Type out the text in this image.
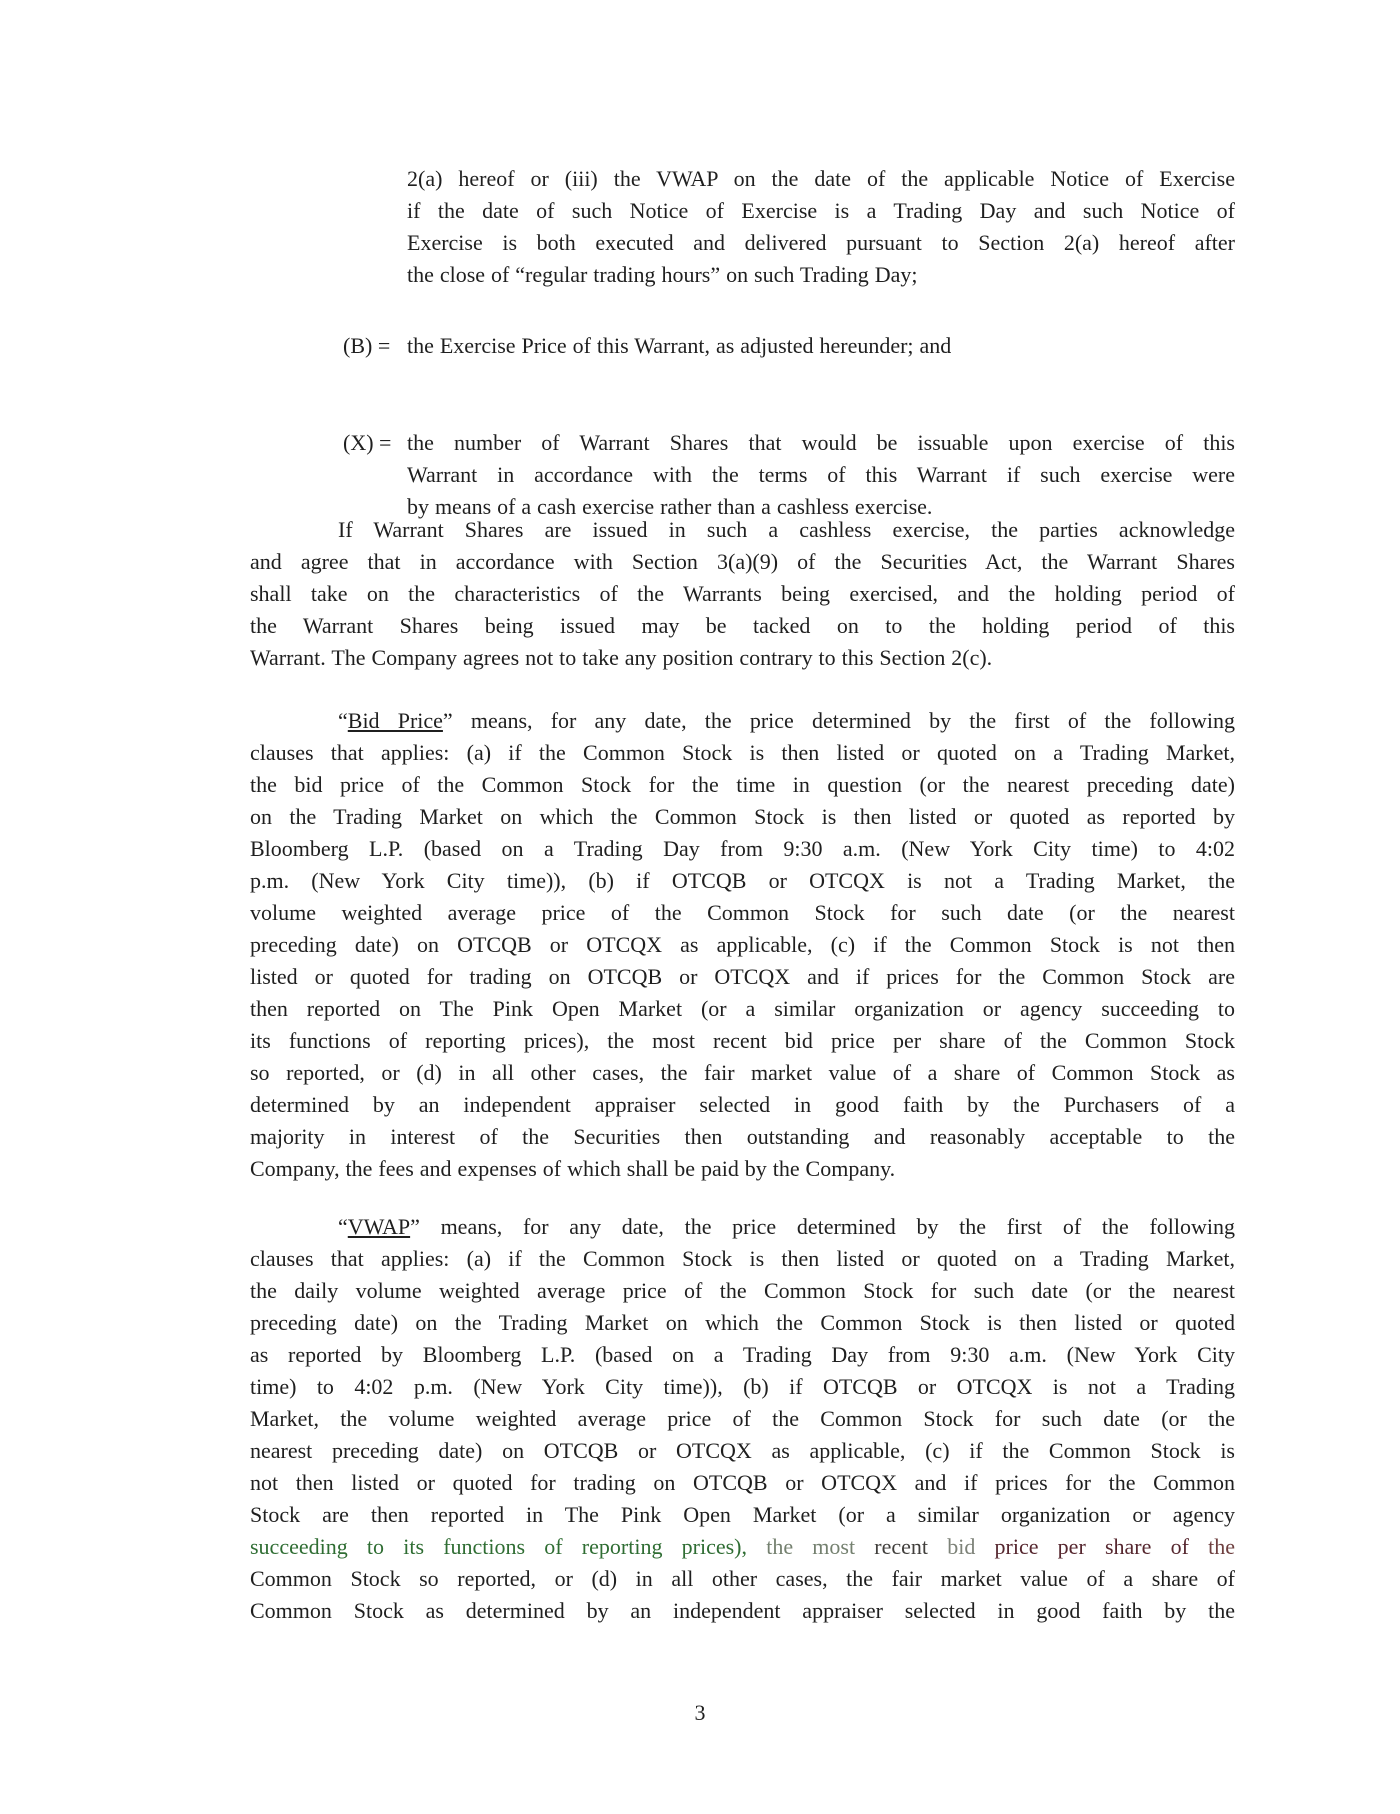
2(a) hereof or (iii) the VWAP on the date of the applicable Notice of Exercise
if the date of such Notice of Exercise is a Trading Day and such Notice of
Exercise is both executed and delivered pursuant to Section 2(a) hereof after
the close of “regular trading hours” on such Trading Day;
(B) = the Exercise Price of this Warrant, as adjusted hereunder; and
(X) = the number of Warrant Shares that would be issuable upon exercise of this
Warrant in accordance with the terms of this Warrant if such exercise were
by means of a cash exercise rather than a cashless exercise.
If Warrant Shares are issued in such a cashless exercise, the parties acknowledge
and agree that in accordance with Section 3(a)(9) of the Securities Act, the Warrant Shares
shall take on the characteristics of the Warrants being exercised, and the holding period of
the Warrant Shares being issued may be tacked on to the holding period of this
Warrant. The Company agrees not to take any position contrary to this Section 2(c).
“Bid Price” means, for any date, the price determined by the first of the following
clauses that applies: (a) if the Common Stock is then listed or quoted on a Trading Market,
the bid price of the Common Stock for the time in question (or the nearest preceding date)
on the Trading Market on which the Common Stock is then listed or quoted as reported by
Bloomberg L.P. (based on a Trading Day from 9:30 a.m. (New York City time) to 4:02
p.m. (New York City time)), (b) if OTCQB or OTCQX is not a Trading Market, the
volume weighted average price of the Common Stock for such date (or the nearest
preceding date) on OTCQB or OTCQX as applicable, (c) if the Common Stock is not then
listed or quoted for trading on OTCQB or OTCQX and if prices for the Common Stock are
then reported on The Pink Open Market (or a similar organization or agency succeeding to
its functions of reporting prices), the most recent bid price per share of the Common Stock
so reported, or (d) in all other cases, the fair market value of a share of Common Stock as
determined by an independent appraiser selected in good faith by the Purchasers of a
majority in interest of the Securities then outstanding and reasonably acceptable to the
Company, the fees and expenses of which shall be paid by the Company.
“VWAP” means, for any date, the price determined by the first of the following
clauses that applies: (a) if the Common Stock is then listed or quoted on a Trading Market,
the daily volume weighted average price of the Common Stock for such date (or the nearest
preceding date) on the Trading Market on which the Common Stock is then listed or quoted
as reported by Bloomberg L.P. (based on a Trading Day from 9:30 a.m. (New York City
time) to 4:02 p.m. (New York City time)), (b) if OTCQB or OTCQX is not a Trading
Market, the volume weighted average price of the Common Stock for such date (or the
nearest preceding date) on OTCQB or OTCQX as applicable, (c) if the Common Stock is
not then listed or quoted for trading on OTCQB or OTCQX and if prices for the Common
Stock are then reported in The Pink Open Market (or a similar organization or agency
succeeding to its functions of reporting prices), the most recent bid price per share of the
Common Stock so reported, or (d) in all other cases, the fair market value of a share of
Common Stock as determined by an independent appraiser selected in good faith by the
3
